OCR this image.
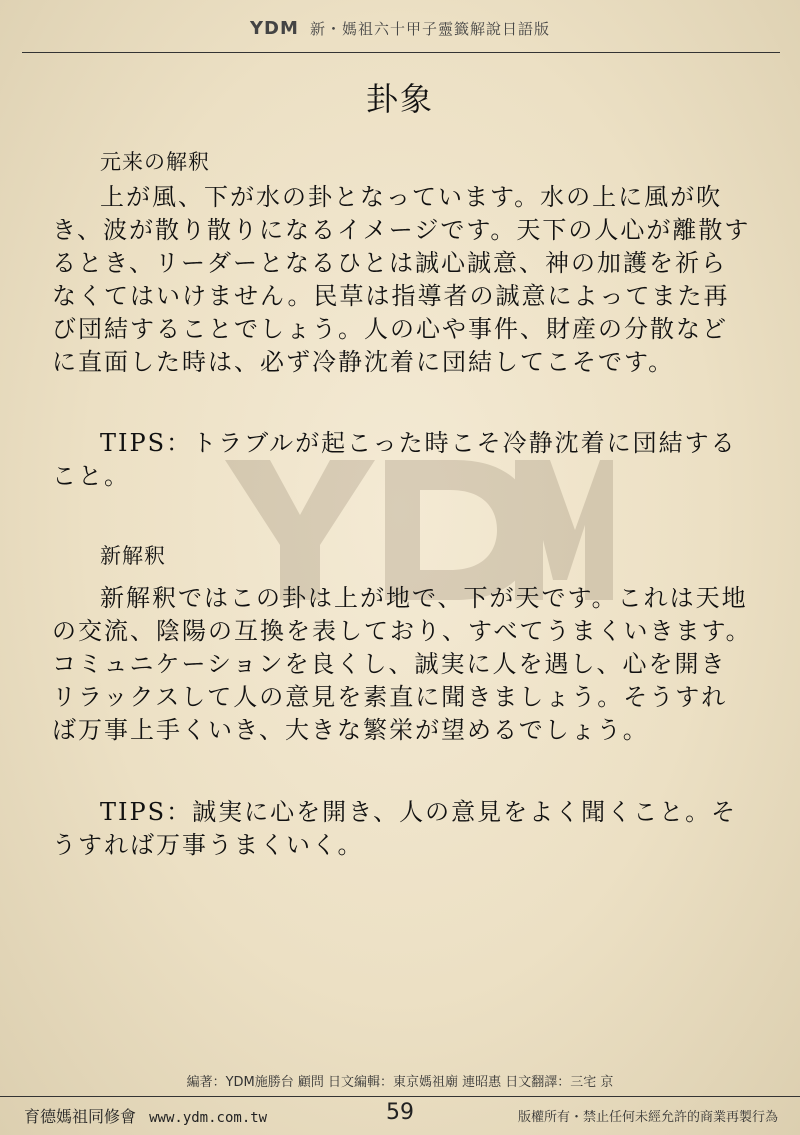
YDM 新・媽祖六十甲子靈籤解說日語版
卦象

元来の解釈

上が風、下が水の卦となっています。水の上に風が吹き、波が散り散りになるイメージです。天下の人心が離散するとき、リーダーとなるひとは誠心誠意、神の加護を祈らなくてはいけません。民草は指導者の誠意によってまた再び団結することでしょう。人の心や事件、財産の分散などに直面した時は、必ず冷静沈着に団結してこそです。

TIPS：トラブルが起こった時こそ冷静沈着に団結すること。

新解釈

新解釈ではこの卦は上が地で、下が天です。これは天地の交流、陰陽の互換を表しており、すべてうまくいきます。コミュニケーションを良くし、誠実に人を遇し、心を開きリラックスして人の意見を素直に聞きましょう。そうすれば万事上手くいき、大きな繁栄が望めるでしょう。

TIPS：誠実に心を開き、人の意見をよく聞くこと。そうすれば万事うまくいく。

編著：YDM施勝台 顧問 日文編輯：東京媽祖廟 連昭惠 日文翻譯：三宅 京
育德媽祖同修會 www.ydm.com.tw	59	版權所有・禁止任何未經允許的商業再製行為
